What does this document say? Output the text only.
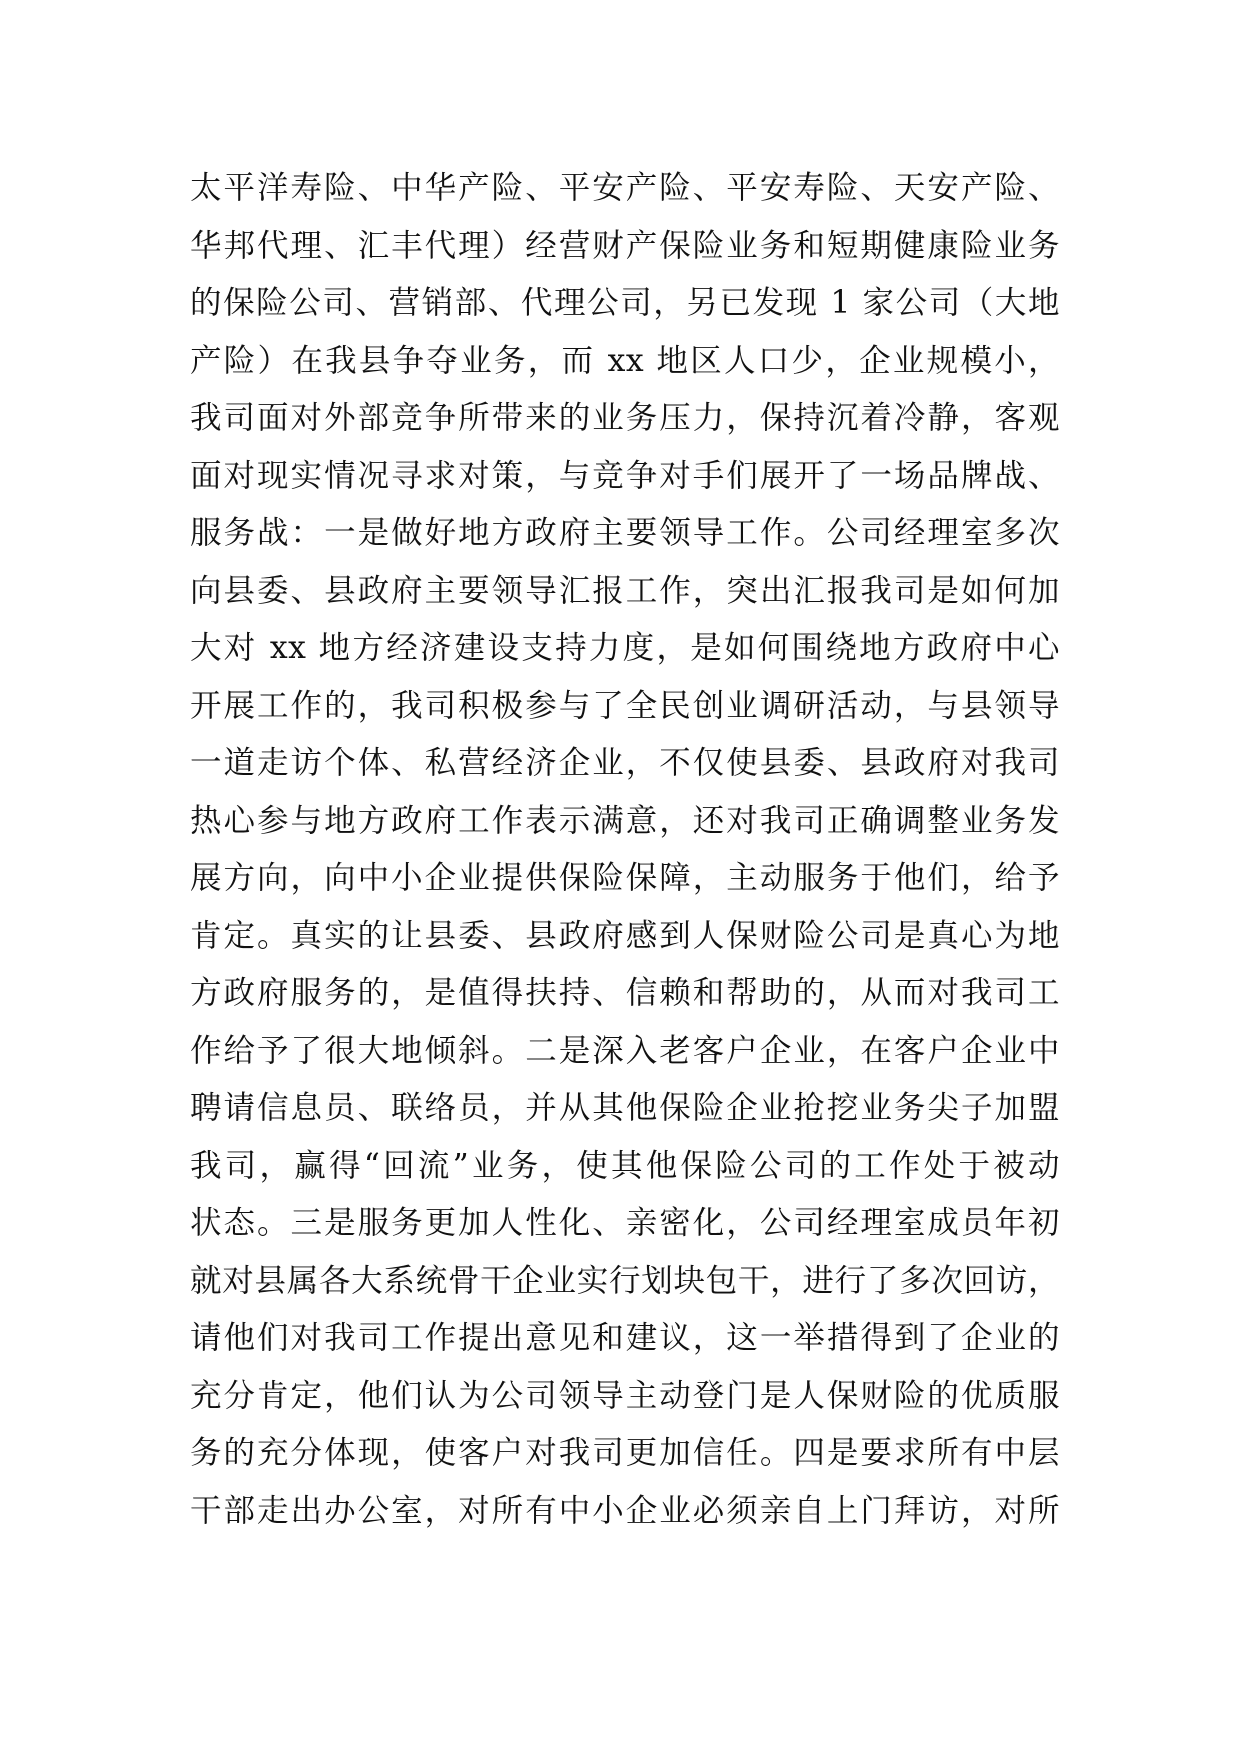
太平洋寿险、中华产险、平安产险、平安寿险、天安产险、
华邦代理、汇丰代理）经营财产保险业务和短期健康险业务
的保险公司、营销部、代理公司，另已发现 1 家公司（大地
产险）在我县争夺业务，而 xx 地区人口少，企业规模小，
我司面对外部竞争所带来的业务压力，保持沉着冷静，客观
面对现实情况寻求对策，与竞争对手们展开了一场品牌战、
服务战：一是做好地方政府主要领导工作。公司经理室多次
向县委、县政府主要领导汇报工作，突出汇报我司是如何加
大对 xx 地方经济建设支持力度，是如何围绕地方政府中心
开展工作的，我司积极参与了全民创业调研活动，与县领导
一道走访个体、私营经济企业，不仅使县委、县政府对我司
热心参与地方政府工作表示满意，还对我司正确调整业务发
展方向，向中小企业提供保险保障，主动服务于他们，给予
肯定。真实的让县委、县政府感到人保财险公司是真心为地
方政府服务的，是值得扶持、信赖和帮助的，从而对我司工
作给予了很大地倾斜。二是深入老客户企业，在客户企业中
聘请信息员、联络员，并从其他保险企业抢挖业务尖子加盟
我司，赢得“回流”业务，使其他保险公司的工作处于被动
状态。三是服务更加人性化、亲密化，公司经理室成员年初
就对县属各大系统骨干企业实行划块包干，进行了多次回访，
请他们对我司工作提出意见和建议，这一举措得到了企业的
充分肯定，他们认为公司领导主动登门是人保财险的优质服
务的充分体现，使客户对我司更加信任。四是要求所有中层
干部走出办公室，对所有中小企业必须亲自上门拜访，对所
